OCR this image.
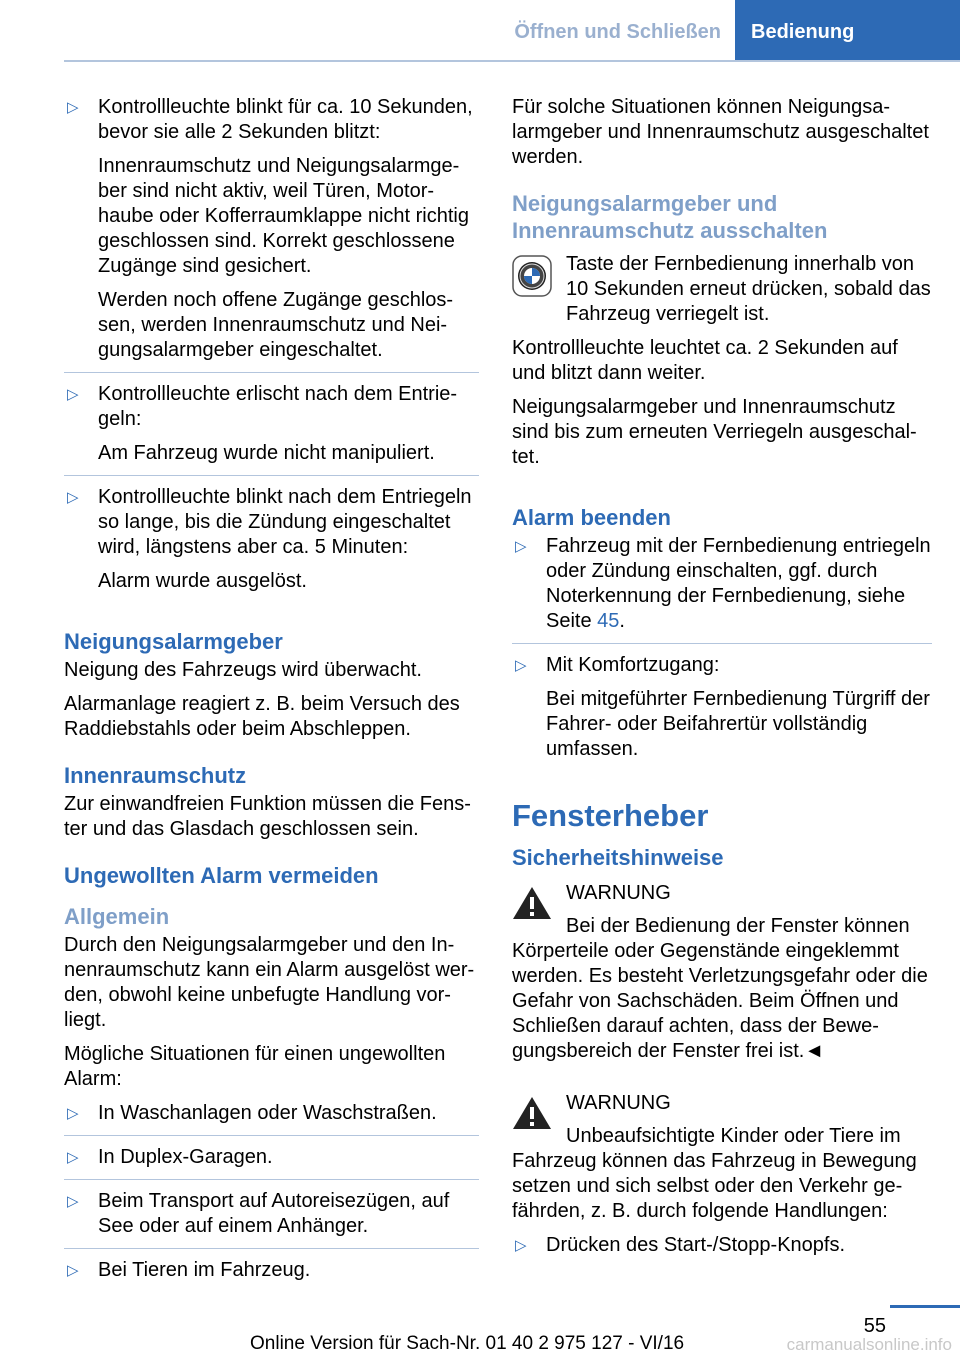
Öffnen und Schließen	Bedienung
▷ Kontrollleuchte blinkt für ca. 10 Sekunden, bevor sie alle 2 Sekunden blitzt:

Innenraumschutz und Neigungsalarmgeber sind nicht aktiv, weil Türen, Motorhaube oder Kofferraumklappe nicht richtig geschlossen sind. Korrekt geschlossene Zugänge sind gesichert.

Werden noch offene Zugänge geschlossen, werden Innenraumschutz und Neigungsalarmgeber eingeschaltet.

▷ Kontrollleuchte erlischt nach dem Entriegeln:

Am Fahrzeug wurde nicht manipuliert.

▷ Kontrollleuchte blinkt nach dem Entriegeln so lange, bis die Zündung eingeschaltet wird, längstens aber ca. 5 Minuten:

Alarm wurde ausgelöst.

Neigungsalarmgeber

Neigung des Fahrzeugs wird überwacht.

Alarmanlage reagiert z. B. beim Versuch des Raddiebstahls oder beim Abschleppen.

Innenraumschutz

Zur einwandfreien Funktion müssen die Fenster und das Glasdach geschlossen sein.

Ungewollten Alarm vermeiden
Allgemein

Durch den Neigungsalarmgeber und den Innenraumschutz kann ein Alarm ausgelöst werden, obwohl keine unbefugte Handlung vorliegt.

Mögliche Situationen für einen ungewollten Alarm:

▷ In Waschanlagen oder Waschstraßen.

▷ In Duplex-Garagen.

▷ Beim Transport auf Autoreisezügen, auf See oder auf einem Anhänger.

▷ Bei Tieren im Fahrzeug.

Für solche Situationen können Neigungsalarmgeber und Innenraumschutz ausgeschaltet werden.

Neigungsalarmgeber und Innenraumschutz ausschalten

Taste der Fernbedienung innerhalb von 10 Sekunden erneut drücken, sobald das Fahrzeug verriegelt ist.

Kontrollleuchte leuchtet ca. 2 Sekunden auf und blitzt dann weiter.

Neigungsalarmgeber und Innenraumschutz sind bis zum erneuten Verriegeln ausgeschaltet.

Alarm beenden
▷ Fahrzeug mit der Fernbedienung entriegeln oder Zündung einschalten, ggf. durch Noterkennung der Fernbedienung, siehe Seite 45.

▷ Mit Komfortzugang:

Bei mitgeführter Fernbedienung Türgriff der Fahrer- oder Beifahrertür vollständig umfassen.

Fensterheber
Sicherheitshinweise

WARNUNG

Bei der Bedienung der Fenster können Körperteile oder Gegenstände eingeklemmt werden. Es besteht Verletzungsgefahr oder die Gefahr von Sachschäden. Beim Öffnen und Schließen darauf achten, dass der Bewegungsbereich der Fenster frei ist.◄

WARNUNG

Unbeaufsichtigte Kinder oder Tiere im Fahrzeug können das Fahrzeug in Bewegung setzen und sich selbst oder den Verkehr gefährden, z. B. durch folgende Handlungen:

▷ Drücken des Start-/Stopp-Knopfs.

55
Online Version für Sach-Nr. 01 40 2 975 127 - VI/16	carmanualsonline.info
